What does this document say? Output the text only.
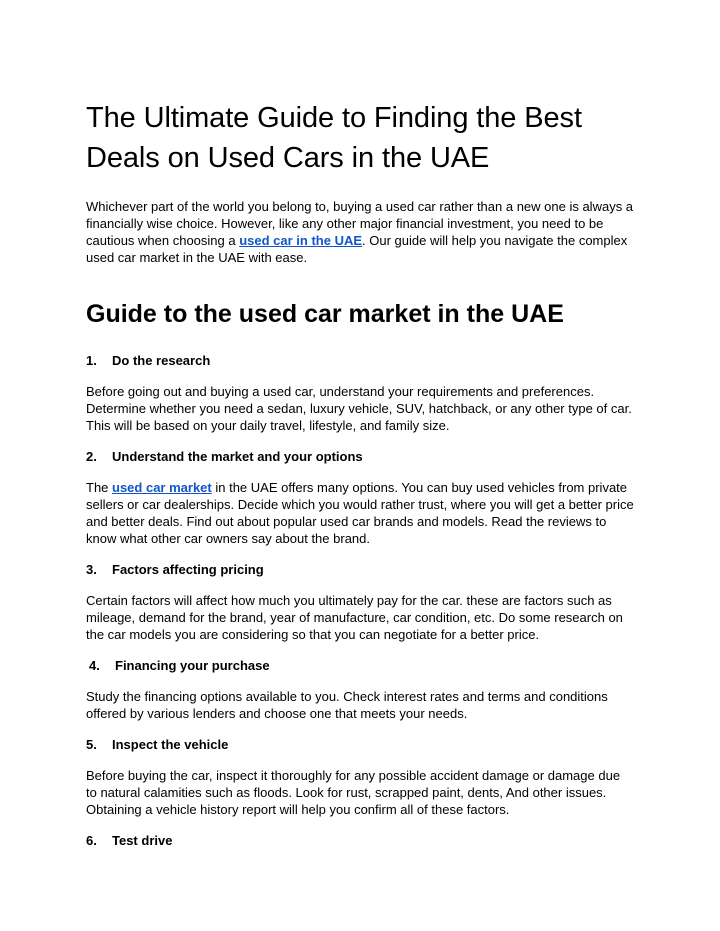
The Ultimate Guide to Finding the Best Deals on Used Cars in the UAE

Whichever part of the world you belong to, buying a used car rather than a new one is always a financially wise choice. However, like any other major financial investment, you need to be cautious when choosing a used car in the UAE. Our guide will help you navigate the complex used car market in the UAE with ease.

Guide to the used car market in the UAE
1.	Do the research

Before going out and buying a used car, understand your requirements and preferences. Determine whether you need a sedan, luxury vehicle, SUV, hatchback, or any other type of car. This will be based on your daily travel, lifestyle, and family size.

2.	Understand the market and your options

The used car market in the UAE offers many options. You can buy used vehicles from private sellers or car dealerships. Decide which you would rather trust, where you will get a better price and better deals. Find out about popular used car brands and models. Read the reviews to know what other car owners say about the brand.

3.	Factors affecting pricing

Certain factors will affect how much you ultimately pay for the car. these are factors such as mileage, demand for the brand, year of manufacture, car condition, etc. Do some research on the car models you are considering so that you can negotiate for a better price.

4.	Financing your purchase

Study the financing options available to you. Check interest rates and terms and conditions offered by various lenders and choose one that meets your needs.

5.	Inspect the vehicle

Before buying the car, inspect it thoroughly for any possible accident damage or damage due to natural calamities such as floods. Look for rust, scrapped paint, dents, And other issues. Obtaining a vehicle history report will help you confirm all of these factors.

6.	Test drive
